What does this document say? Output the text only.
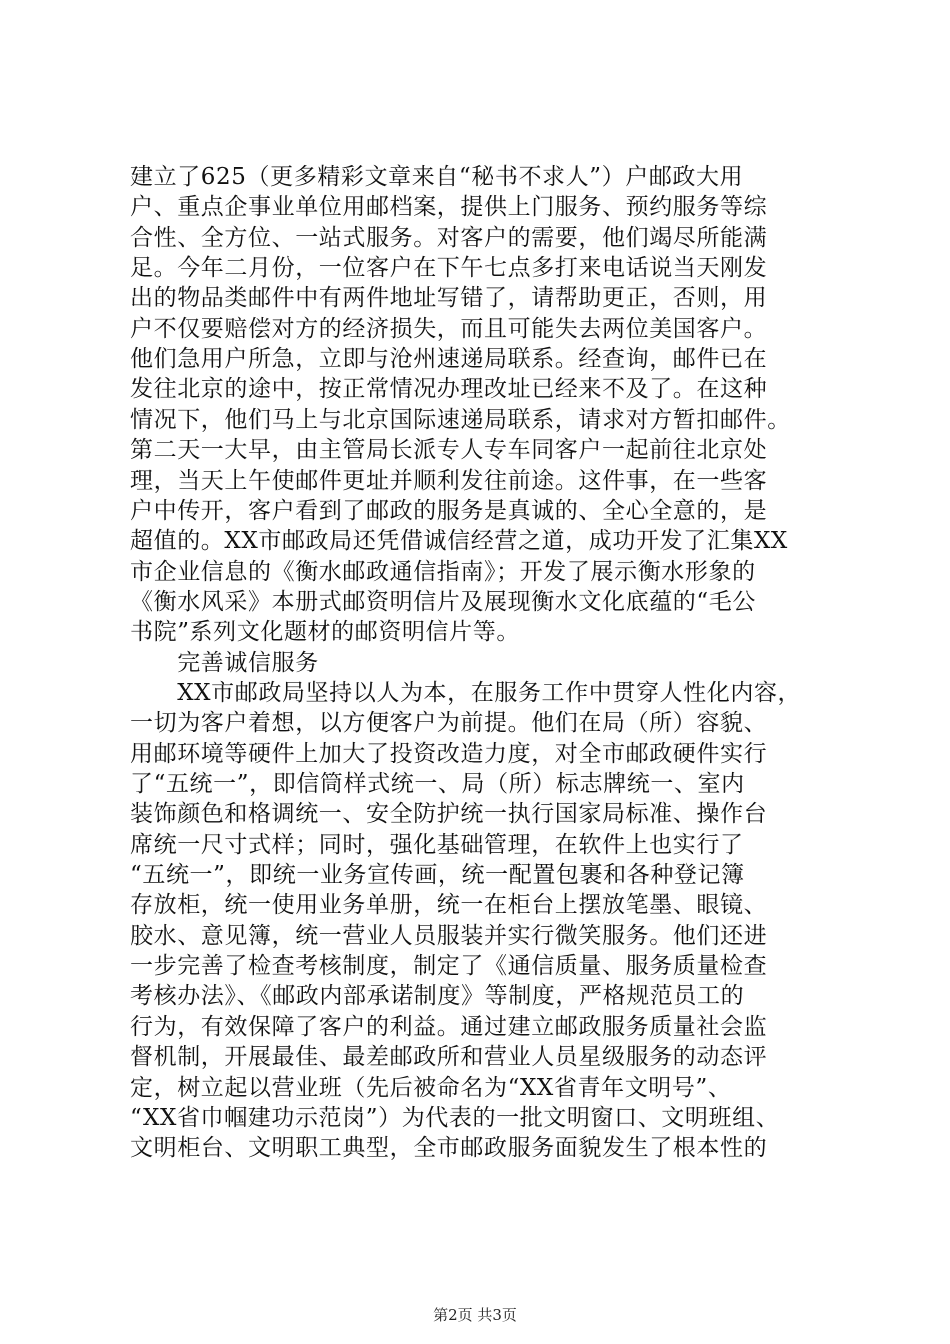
建立了625（更多精彩文章来自“秘书不求人”）户邮政大用
户、重点企事业单位用邮档案，提供上门服务、预约服务等综
合性、全方位、一站式服务。对客户的需要，他们竭尽所能满
足。今年二月份，一位客户在下午七点多打来电话说当天刚发
出的物品类邮件中有两件地址写错了，请帮助更正，否则，用
户不仅要赔偿对方的经济损失，而且可能失去两位美国客户。
他们急用户所急，立即与沧州速递局联系。经查询，邮件已在
发往北京的途中，按正常情况办理改址已经来不及了。在这种
情况下，他们马上与北京国际速递局联系，请求对方暂扣邮件。
第二天一大早，由主管局长派专人专车同客户一起前往北京处
理，当天上午使邮件更址并顺利发往前途。这件事，在一些客
户中传开，客户看到了邮政的服务是真诚的、全心全意的，是
超值的。XX市邮政局还凭借诚信经营之道，成功开发了汇集XX
市企业信息的《衡水邮政通信指南》；开发了展示衡水形象的
《衡水风采》本册式邮资明信片及展现衡水文化底蕴的“毛公
书院”系列文化题材的邮资明信片等。
　　完善诚信服务
　　XX市邮政局坚持以人为本，在服务工作中贯穿人性化内容，
一切为客户着想，以方便客户为前提。他们在局（所）容貌、
用邮环境等硬件上加大了投资改造力度，对全市邮政硬件实行
了“五统一”，即信筒样式统一、局（所）标志牌统一、室内
装饰颜色和格调统一、安全防护统一执行国家局标准、操作台
席统一尺寸式样；同时，强化基础管理，在软件上也实行了
“五统一”，即统一业务宣传画，统一配置包裹和各种登记簿
存放柜，统一使用业务单册，统一在柜台上摆放笔墨、眼镜、
胶水、意见簿，统一营业人员服装并实行微笑服务。他们还进
一步完善了检查考核制度，制定了《通信质量、服务质量检查
考核办法》、《邮政内部承诺制度》等制度，严格规范员工的
行为，有效保障了客户的利益。通过建立邮政服务质量社会监
督机制，开展最佳、最差邮政所和营业人员星级服务的动态评
定，树立起以营业班（先后被命名为“XX省青年文明号”、
“XX省巾帼建功示范岗”）为代表的一批文明窗口、文明班组、
文明柜台、文明职工典型，全市邮政服务面貌发生了根本性的
第2页 共3页
